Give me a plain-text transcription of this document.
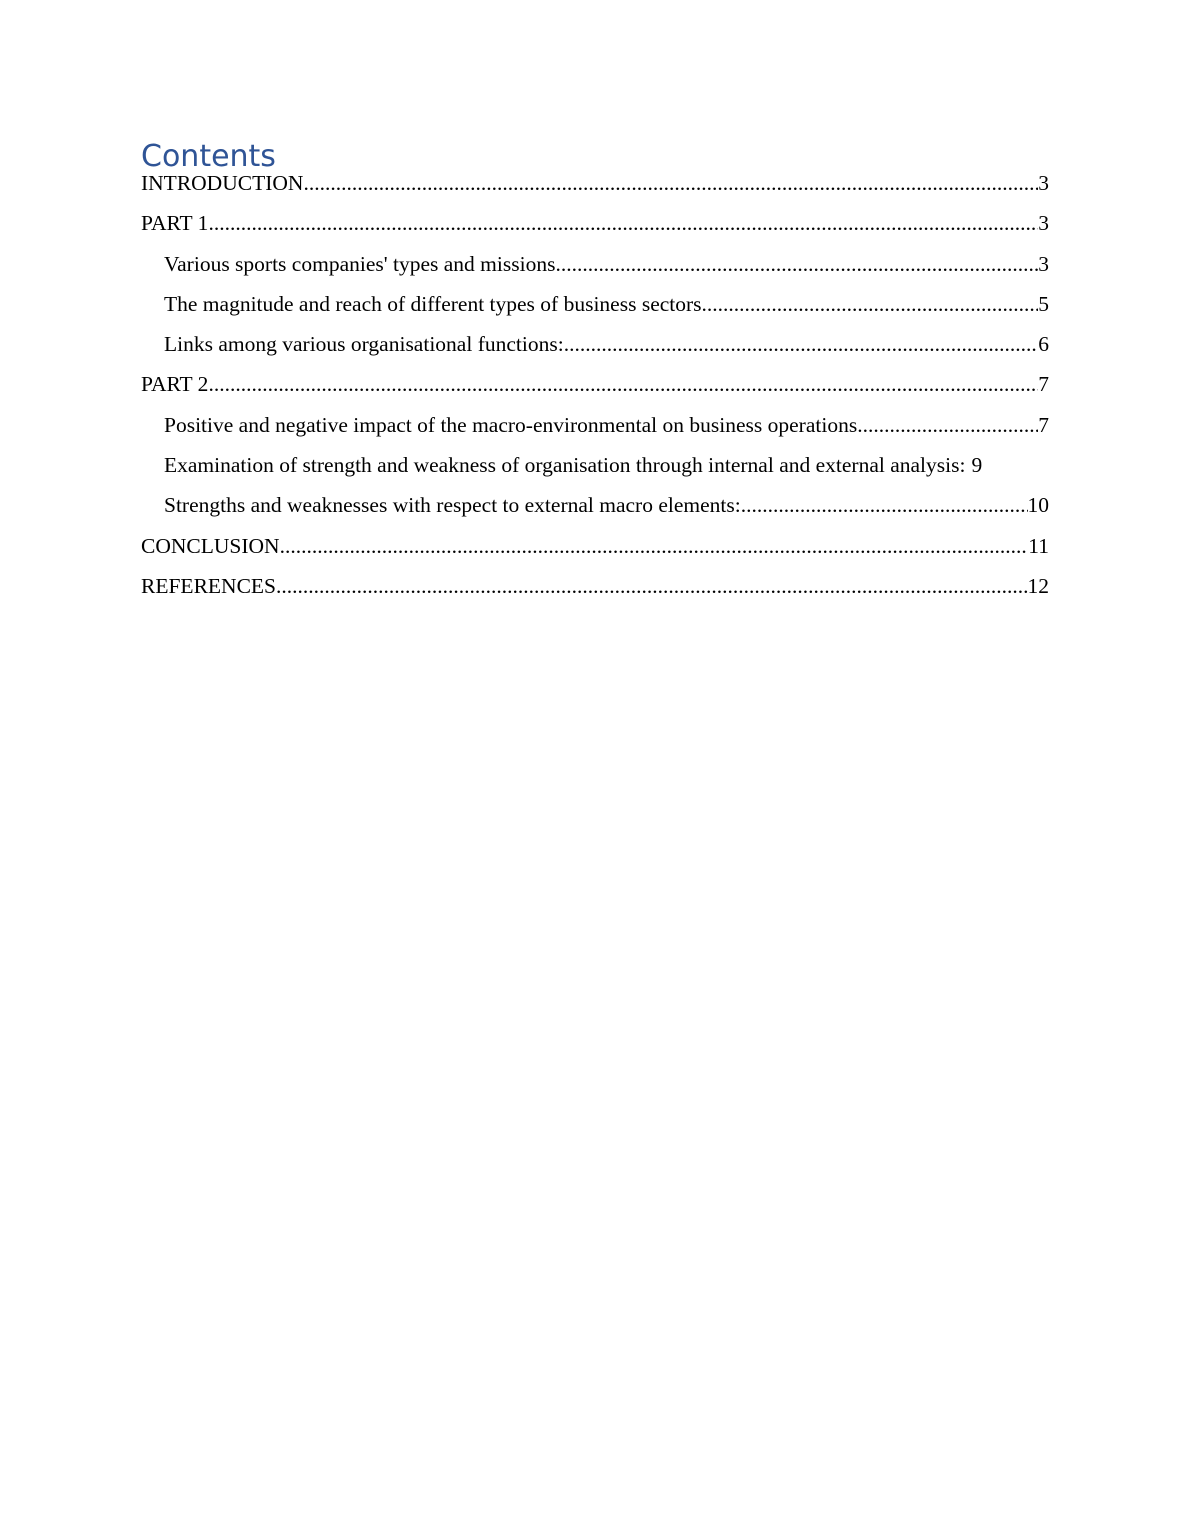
Contents
INTRODUCTION .....	3
PART 1 .....	3
Various sports companies' types and missions .....	3
The magnitude and reach of different types of business sectors .....	5
Links among various organisational functions: .....	6
PART 2 .....	7
Positive and negative impact of the macro-environmental on business operations .....	7
Examination of strength and weakness of organisation through internal and external analysis: 9
Strengths and weaknesses with respect to external macro elements: .....	10
CONCLUSION .....	11
REFERENCES .....	12
